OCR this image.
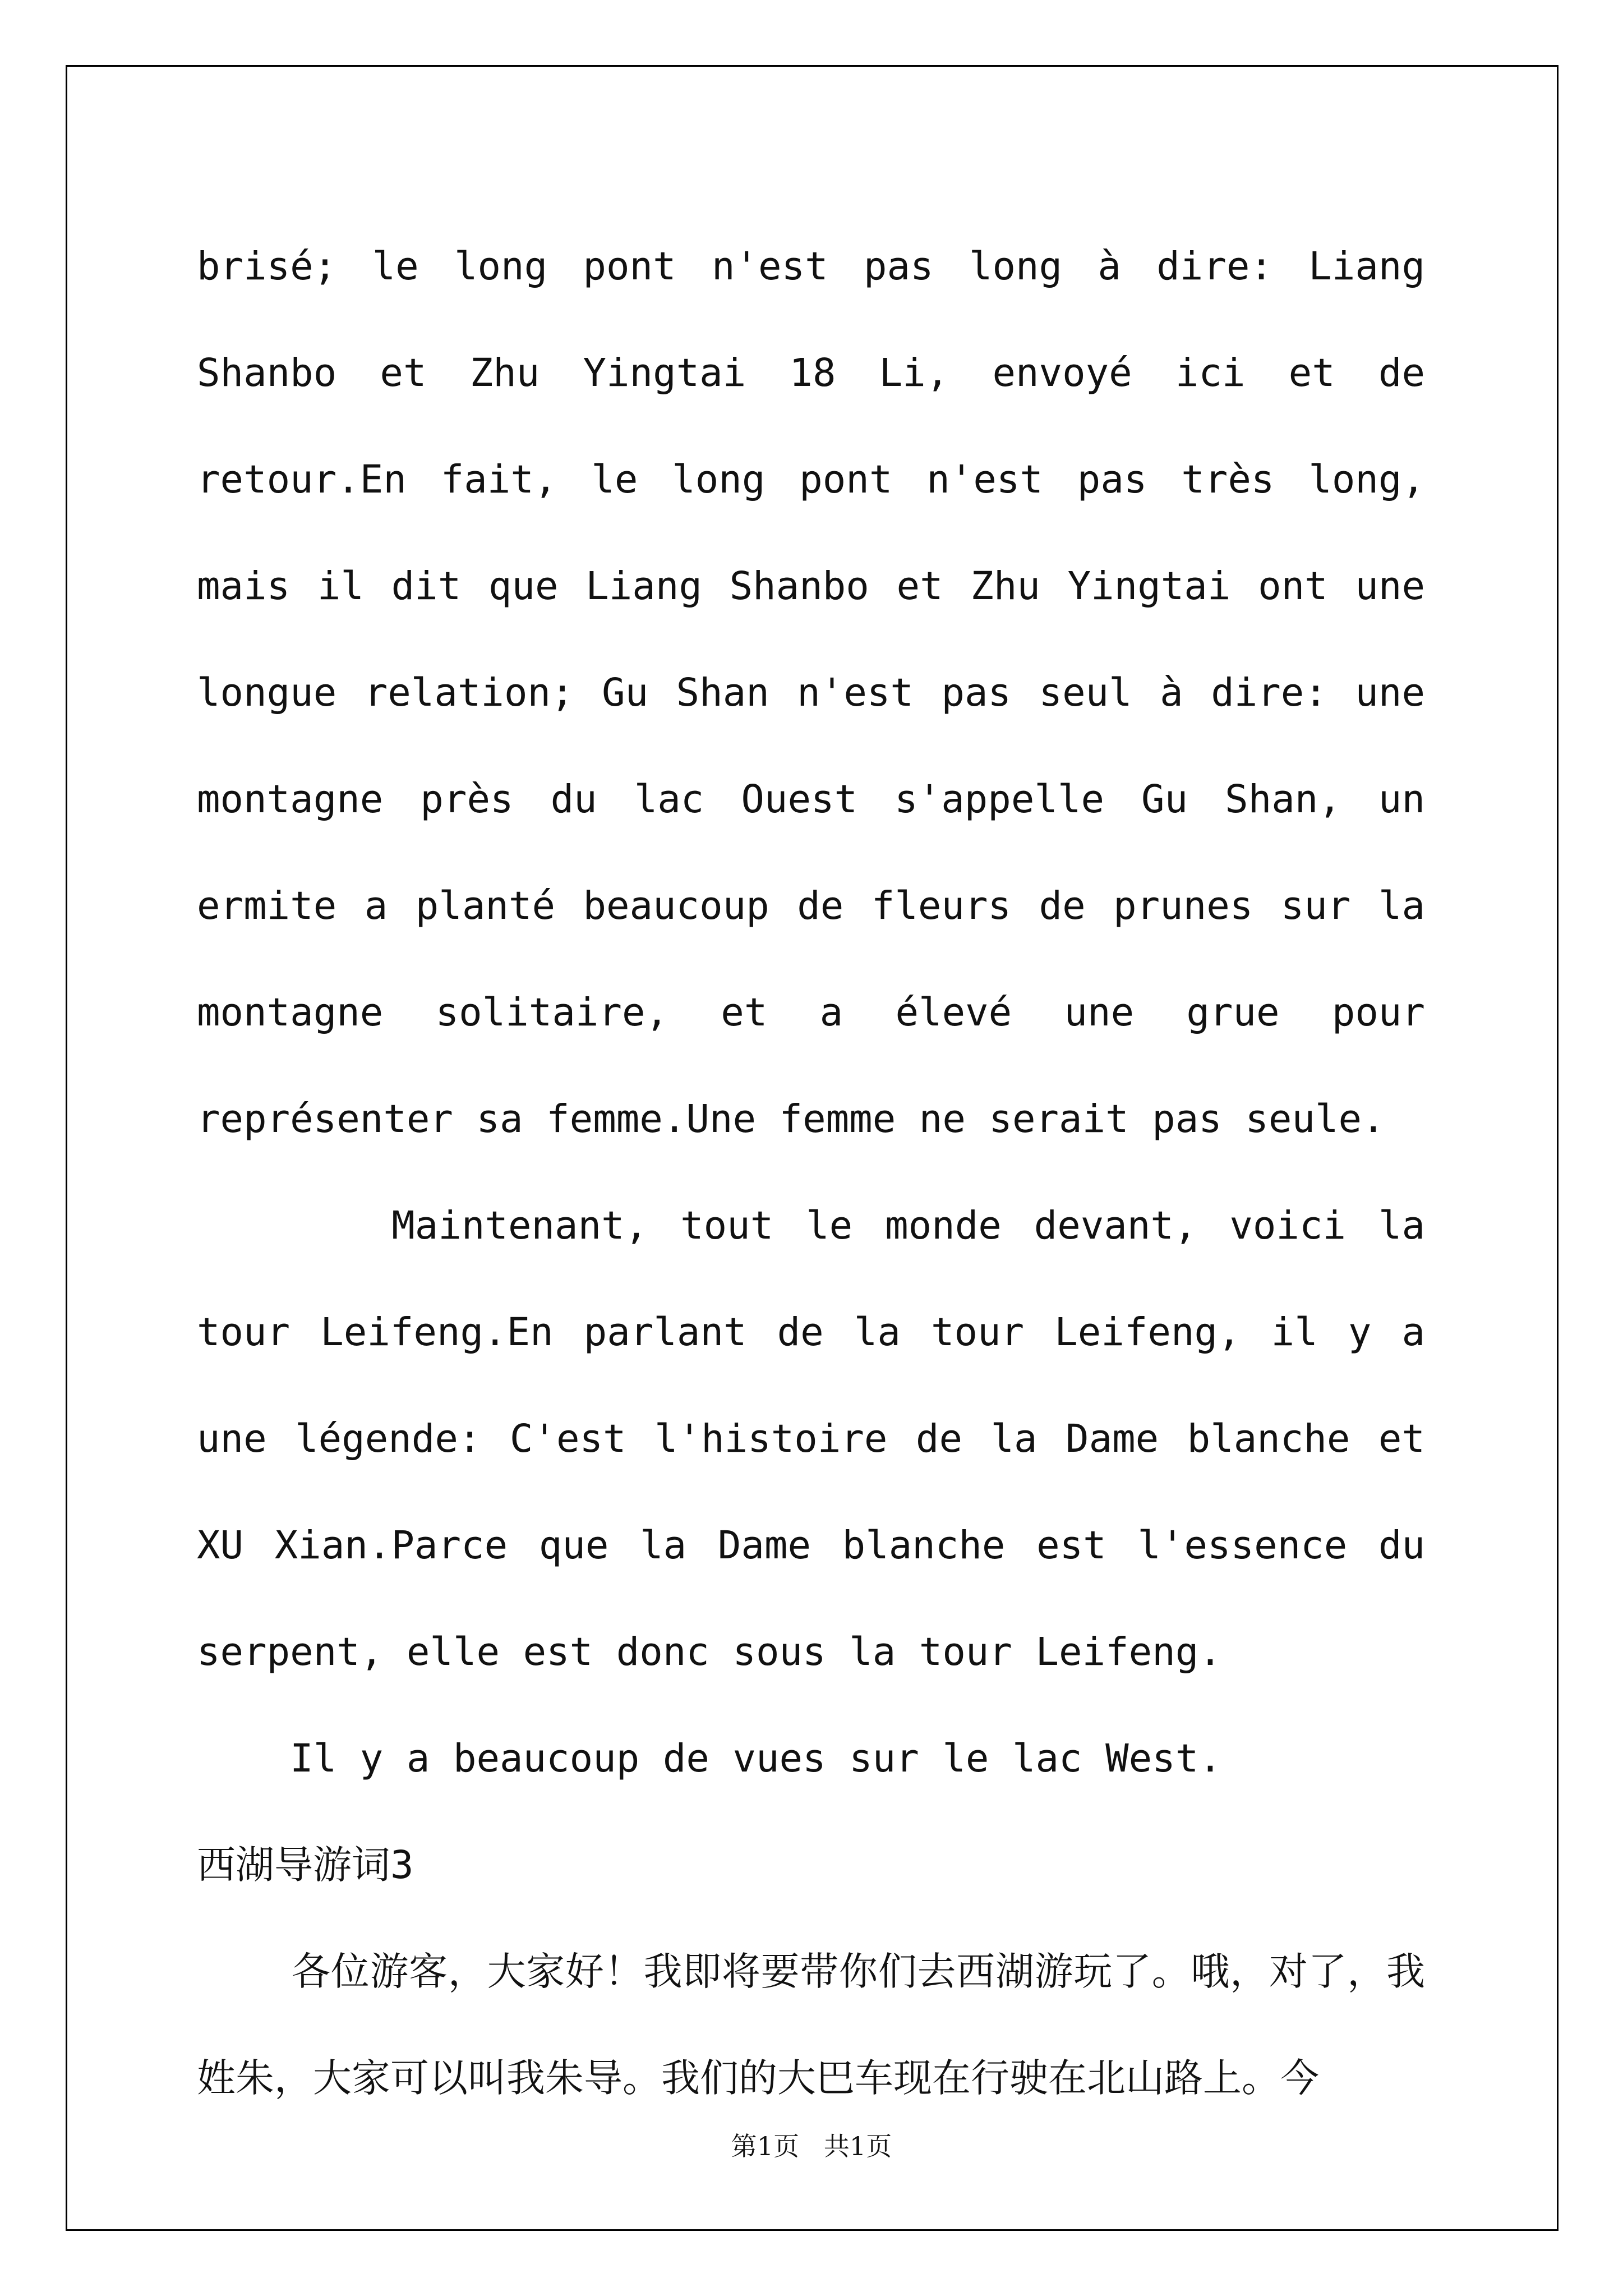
brisé; le long pont n'est pas long à dire: Liang Shanbo et Zhu Yingtai 18 Li, envoyé ici et de retour.En fait, le long pont n'est pas très long, mais il dit que Liang Shanbo et Zhu Yingtai ont une longue relation; Gu Shan n'est pas seul à dire: une montagne près du lac Ouest s'appelle Gu Shan, un ermite a planté beaucoup de fleurs de prunes sur la montagne solitaire, et a élevé une grue pour représenter sa femme.Une femme ne serait pas seule.

Maintenant, tout le monde devant, voici la tour Leifeng.En parlant de la tour Leifeng, il y a une légende: C'est l'histoire de la Dame blanche et XU Xian.Parce que la Dame blanche est l'essence du serpent, elle est donc sous la tour Leifeng.

Il y a beaucoup de vues sur le lac West.

西湖导游词3

各位游客，大家好！我即将要带你们去西湖游玩了。哦，对了，我姓朱，大家可以叫我朱导。我们的大巴车现在行驶在北山路上。今

第1页   共1页
